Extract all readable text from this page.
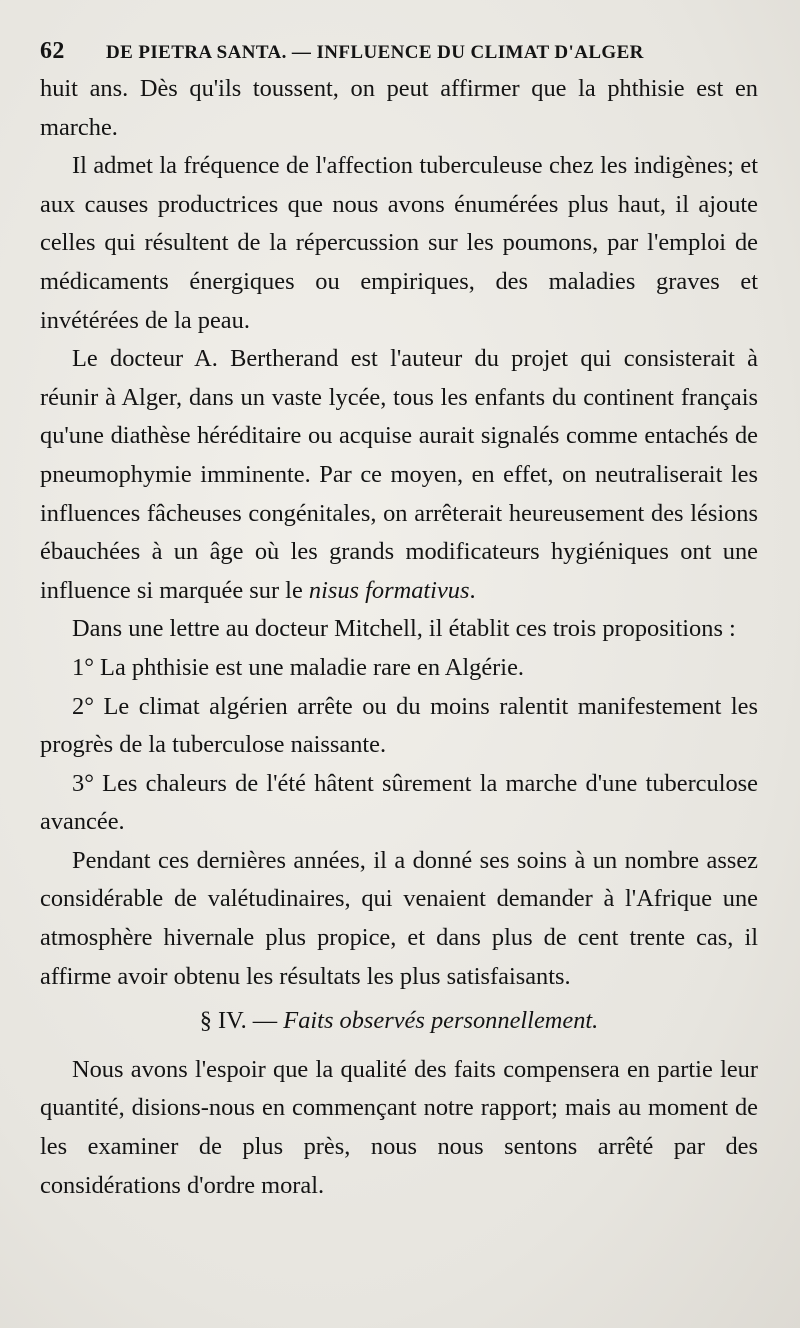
62 DE PIETRA SANTA. — INFLUENCE DU CLIMAT D'ALGER

huit ans. Dès qu'ils toussent, on peut affirmer que la phthisie est en marche.

Il admet la fréquence de l'affection tuberculeuse chez les indigènes; et aux causes productrices que nous avons énumérées plus haut, il ajoute celles qui résultent de la répercussion sur les poumons, par l'emploi de médicaments énergiques ou empiriques, des maladies graves et invétérées de la peau.

Le docteur A. Bertherand est l'auteur du projet qui consisterait à réunir à Alger, dans un vaste lycée, tous les enfants du continent français qu'une diathèse héréditaire ou acquise aurait signalés comme entachés de pneumophymie imminente. Par ce moyen, en effet, on neutraliserait les influences fâcheuses congénitales, on arrêterait heureusement des lésions ébauchées à un âge où les grands modificateurs hygiéniques ont une influence si marquée sur le nisus formativus.

Dans une lettre au docteur Mitchell, il établit ces trois propositions :

1° La phthisie est une maladie rare en Algérie.

2° Le climat algérien arrête ou du moins ralentit manifestement les progrès de la tuberculose naissante.

3° Les chaleurs de l'été hâtent sûrement la marche d'une tuberculose avancée.

Pendant ces dernières années, il a donné ses soins à un nombre assez considérable de valétudinaires, qui venaient demander à l'Afrique une atmosphère hivernale plus propice, et dans plus de cent trente cas, il affirme avoir obtenu les résultats les plus satisfaisants.

§ IV. — Faits observés personnellement.

Nous avons l'espoir que la qualité des faits compensera en partie leur quantité, disions-nous en commençant notre rapport; mais au moment de les examiner de plus près, nous nous sentons arrêté par des considérations d'ordre moral.
